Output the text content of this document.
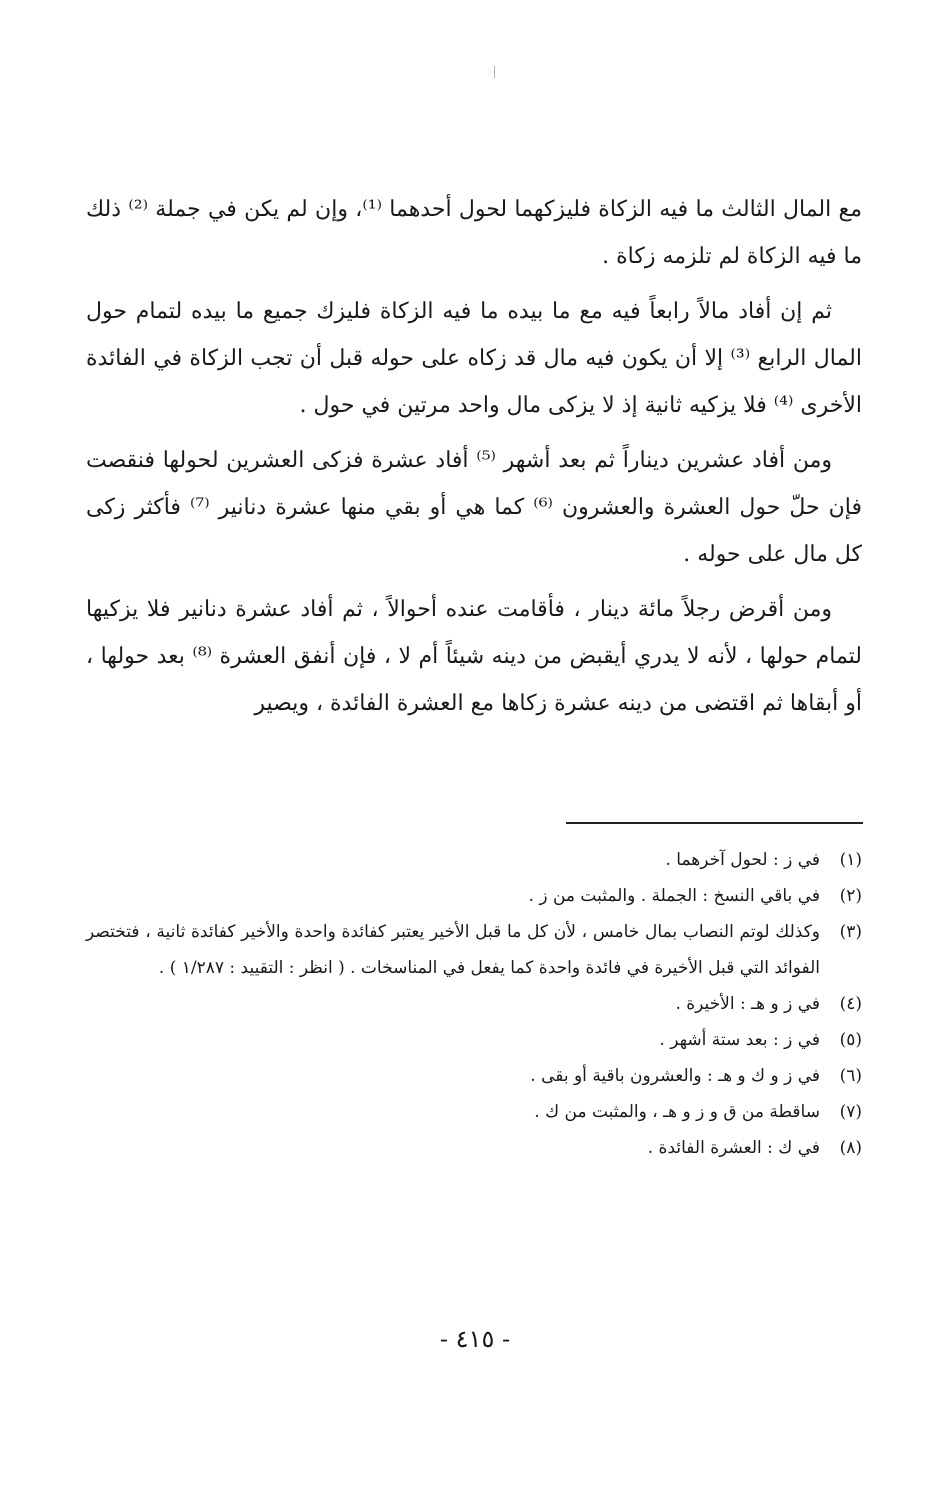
مع المال الثالث ما فيه الزكاة فليزكهما لحول أحدهما ⁽¹⁾، وإن لم يكن في جملة ⁽²⁾ ذلك ما فيه الزكاة لم تلزمه زكاة .

ثم إن أفاد مالاً رابعاً فيه مع ما بيده ما فيه الزكاة فليزك جميع ما بيده لتمام حول المال الرابع ⁽³⁾ إلا أن يكون فيه مال قد زكاه على حوله قبل أن تجب الزكاة في الفائدة الأخرى ⁽⁴⁾ فلا يزكيه ثانية إذ لا يزكى مال واحد مرتين في حول .

ومن أفاد عشرين ديناراً ثم بعد أشهر ⁽⁵⁾ أفاد عشرة فزكى العشرين لحولها فنقصت فإن حلّ حول العشرة والعشرون ⁽⁶⁾ كما هي أو بقي منها عشرة دنانير ⁽⁷⁾ فأكثر زكى كل مال على حوله .

ومن أقرض رجلاً مائة دينار ، فأقامت عنده أحوالاً ، ثم أفاد عشرة دنانير فلا يزكيها لتمام حولها ، لأنه لا يدري أيقبض من دينه شيئاً أم لا ، فإن أنفق العشرة ⁽⁸⁾ بعد حولها ، أو أبقاها ثم اقتضى من دينه عشرة زكاها مع العشرة الفائدة ، ويصير

(١)
في ز : لحول آخرهما .
(٢)
في باقي النسخ : الجملة . والمثبت من ز .
(٣)
وكذلك لوتم النصاب بمال خامس ، لأن كل ما قبل الأخير يعتبر كفائدة واحدة والأخير كفائدة ثانية ، فتختصر الفوائد التي قبل الأخيرة في فائدة واحدة كما يفعل في المناسخات . ( انظر : التقييد : ١/٢٨٧ ) .
(٤)
في ز و هـ : الأخيرة .
(٥)
في ز : بعد ستة أشهر .
(٦)
في ز و ك و هـ : والعشرون باقية أو بقى .
(٧)
ساقطة من ق و ز و هـ ، والمثبت من ك .
(٨)
في ك : العشرة الفائدة .
- ٤١٥ -
